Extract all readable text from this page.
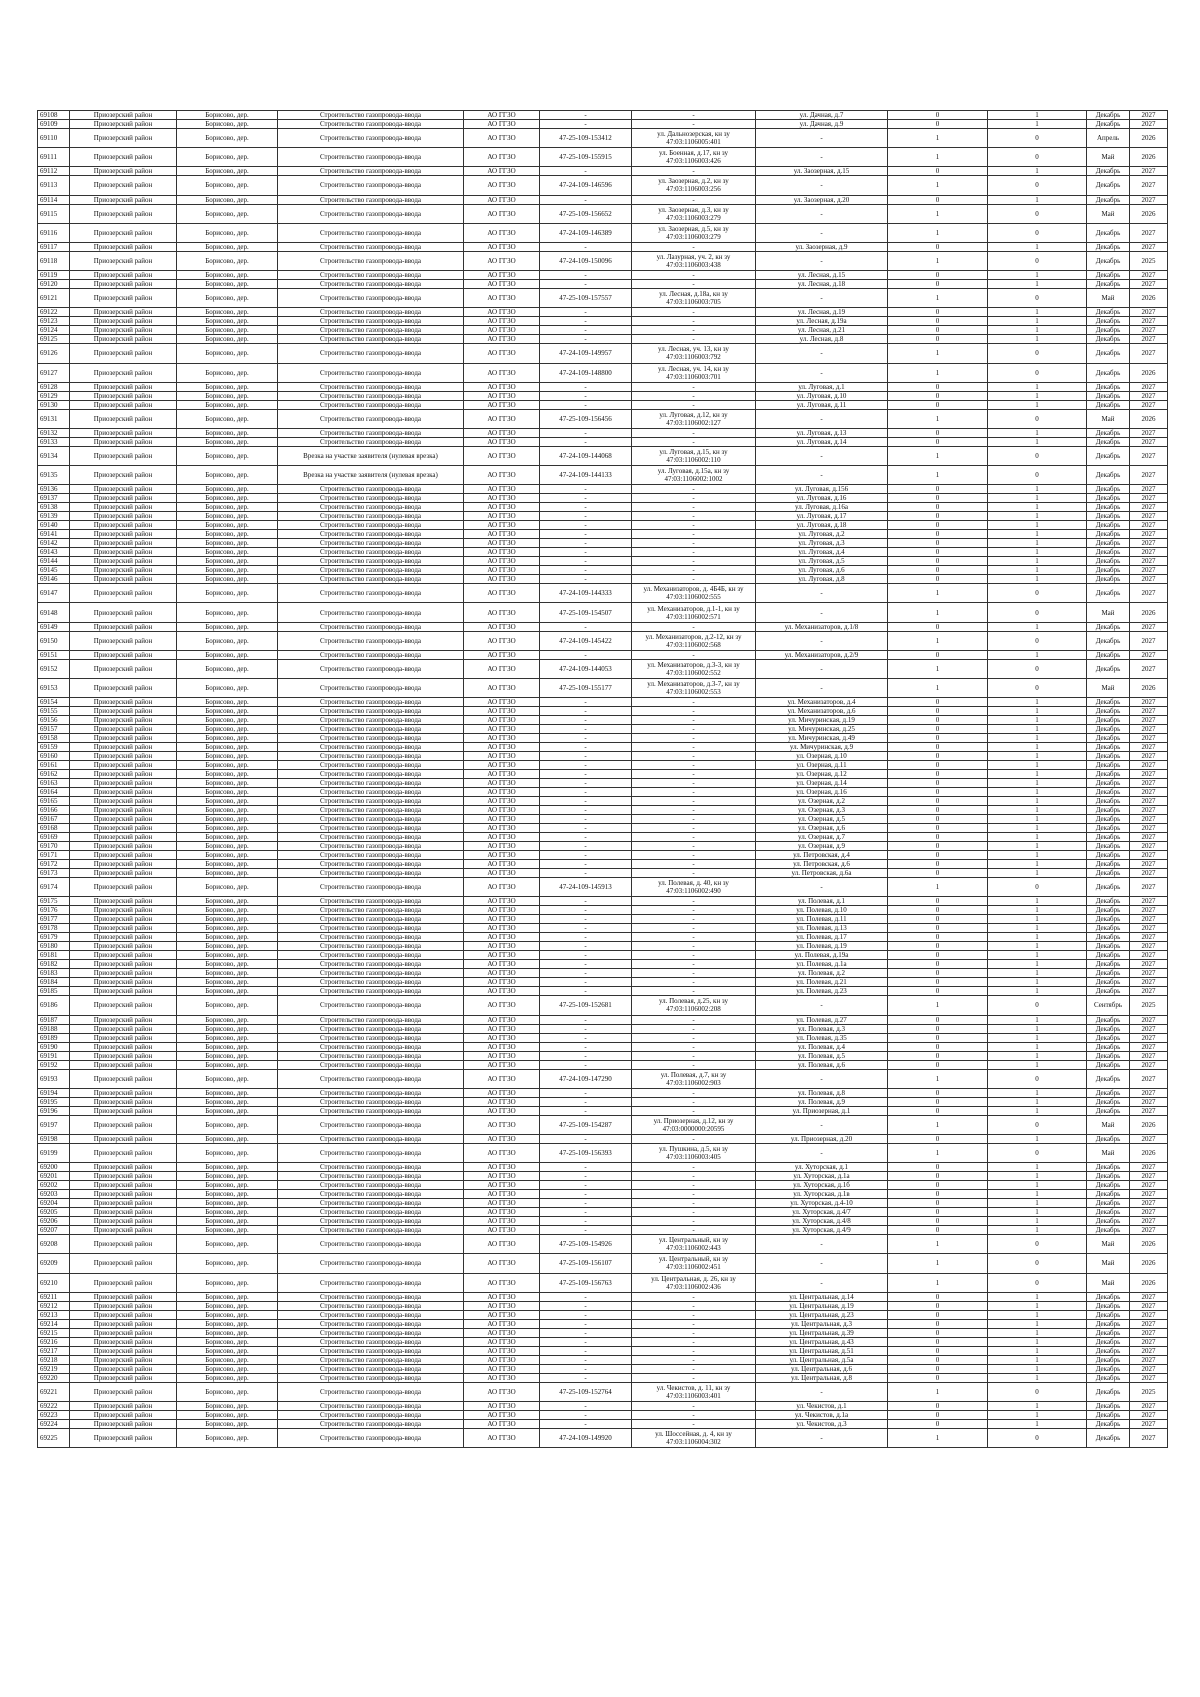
69108	Приозерский район	Борисово, дер.	Строительство газопровода-ввода	АО ГГЗО	-	-	ул. Дачная, д.7	0	1	Декабрь	2027
69109	Приозерский район	Борисово, дер.	Строительство газопровода-ввода	АО ГГЗО	-	-	ул. Дачная, д.9	0	1	Декабрь	2027
69110	Приозерский район	Борисово, дер.	Строительство газопровода-ввода	АО ГГЗО	47-25-109-153412	ул. Дальнозерская, кн зу 47:03:1106005:401	-	1	0	Апрель	2026
69111	Приозерский район	Борисово, дер.	Строительство газопровода-ввода	АО ГГЗО	47-25-109-155915	ул. Боенная, д.17, кн зу 47:03:1106003:426	-	1	0	Май	2026
69112	Приозерский район	Борисово, дер.	Строительство газопровода-ввода	АО ГГЗО	-	-	ул. Заозерная, д.15	0	1	Декабрь	2027
69113	Приозерский район	Борисово, дер.	Строительство газопровода-ввода	АО ГГЗО	47-24-109-146596	ул. Заозерная, д.2, кн зу 47:03:1106003:256	-	1	0	Декабрь	2027
69114	Приозерский район	Борисово, дер.	Строительство газопровода-ввода	АО ГГЗО	-	-	ул. Заозерная, д.20	0	1	Декабрь	2027
69115	Приозерский район	Борисово, дер.	Строительство газопровода-ввода	АО ГГЗО	47-25-109-156652	ул. Заозерная, д.3, кн зу 47:03:1106003:279	-	1	0	Май	2026
69116	Приозерский район	Борисово, дер.	Строительство газопровода-ввода	АО ГГЗО	47-24-109-146389	ул. Заозерная, д.5, кн зу 47:03:1106003:279	-	1	0	Декабрь	2027
69117	Приозерский район	Борисово, дер.	Строительство газопровода-ввода	АО ГГЗО	-	-	ул. Заозерная, д.9	0	1	Декабрь	2027
69118	Приозерский район	Борисово, дер.	Строительство газопровода-ввода	АО ГГЗО	47-24-109-150096	ул. Лазурная, уч. 2, кн зу 47:03:1106003:438	-	1	0	Декабрь	2025
69119	Приозерский район	Борисово, дер.	Строительство газопровода-ввода	АО ГГЗО	-	-	ул. Лесная, д.15	0	1	Декабрь	2027
69120	Приозерский район	Борисово, дер.	Строительство газопровода-ввода	АО ГГЗО	-	-	ул. Лесная, д.18	0	1	Декабрь	2027
69121	Приозерский район	Борисово, дер.	Строительство газопровода-ввода	АО ГГЗО	47-25-109-157557	ул. Лесная, д.18а, кн зу 47:03:1106003:705	-	1	0	Май	2026
69122	Приозерский район	Борисово, дер.	Строительство газопровода-ввода	АО ГГЗО	-	-	ул. Лесная, д.19	0	1	Декабрь	2027
69123	Приозерский район	Борисово, дер.	Строительство газопровода-ввода	АО ГГЗО	-	-	ул. Лесная, д.19а	0	1	Декабрь	2027
69124	Приозерский район	Борисово, дер.	Строительство газопровода-ввода	АО ГГЗО	-	-	ул. Лесная, д.21	0	1	Декабрь	2027
69125	Приозерский район	Борисово, дер.	Строительство газопровода-ввода	АО ГГЗО	-	-	ул. Лесная, д.8	0	1	Декабрь	2027
69126	Приозерский район	Борисово, дер.	Строительство газопровода-ввода	АО ГГЗО	47-24-109-149957	ул. Лесная, уч. 13, кн зу 47:03:1106003:792	-	1	0	Декабрь	2027
69127	Приозерский район	Борисово, дер.	Строительство газопровода-ввода	АО ГГЗО	47-24-109-148800	ул. Лесная, уч. 14, кн зу 47:03:1106003:701	-	1	0	Декабрь	2026
69128	Приозерский район	Борисово, дер.	Строительство газопровода-ввода	АО ГГЗО	-	-	ул. Луговая, д.1	0	1	Декабрь	2027
69129	Приозерский район	Борисово, дер.	Строительство газопровода-ввода	АО ГГЗО	-	-	ул. Луговая, д.10	0	1	Декабрь	2027
69130	Приозерский район	Борисово, дер.	Строительство газопровода-ввода	АО ГГЗО	-	-	ул. Луговая, д.11	0	1	Декабрь	2027
69131	Приозерский район	Борисово, дер.	Строительство газопровода-ввода	АО ГГЗО	47-25-109-156456	ул. Луговая, д.12, кн зу 47:03:1106002:127	-	1	0	Май	2026
69132	Приозерский район	Борисово, дер.	Строительство газопровода-ввода	АО ГГЗО	-	-	ул. Луговая, д.13	0	1	Декабрь	2027
69133	Приозерский район	Борисово, дер.	Строительство газопровода-ввода	АО ГГЗО	-	-	ул. Луговая, д.14	0	1	Декабрь	2027
69134	Приозерский район	Борисово, дер.	Врезка на участке заявителя (нулевая врезка)	АО ГГЗО	47-24-109-144068	ул. Луговая, д.15, кн зу 47:03:1106002:110	-	1	0	Декабрь	2027
69135	Приозерский район	Борисово, дер.	Врезка на участке заявителя (нулевая врезка)	АО ГГЗО	47-24-109-144133	ул. Луговая, д.15а, кн зу 47:03:1106002:1002	-	1	0	Декабрь	2027
69136	Приозерский район	Борисово, дер.	Строительство газопровода-ввода	АО ГГЗО	-	-	ул. Луговая, д.156	0	1	Декабрь	2027
69137	Приозерский район	Борисово, дер.	Строительство газопровода-ввода	АО ГГЗО	-	-	ул. Луговая, д.16	0	1	Декабрь	2027
69138	Приозерский район	Борисово, дер.	Строительство газопровода-ввода	АО ГГЗО	-	-	ул. Луговая, д.16а	0	1	Декабрь	2027
69139	Приозерский район	Борисово, дер.	Строительство газопровода-ввода	АО ГГЗО	-	-	ул. Луговая, д.17	0	1	Декабрь	2027
69140	Приозерский район	Борисово, дер.	Строительство газопровода-ввода	АО ГГЗО	-	-	ул. Луговая, д.18	0	1	Декабрь	2027
69141	Приозерский район	Борисово, дер.	Строительство газопровода-ввода	АО ГГЗО	-	-	ул. Луговая, д.2	0	1	Декабрь	2027
69142	Приозерский район	Борисово, дер.	Строительство газопровода-ввода	АО ГГЗО	-	-	ул. Луговая, д.3	0	1	Декабрь	2027
69143	Приозерский район	Борисово, дер.	Строительство газопровода-ввода	АО ГГЗО	-	-	ул. Луговая, д.4	0	1	Декабрь	2027
69144	Приозерский район	Борисово, дер.	Строительство газопровода-ввода	АО ГГЗО	-	-	ул. Луговая, д.5	0	1	Декабрь	2027
69145	Приозерский район	Борисово, дер.	Строительство газопровода-ввода	АО ГГЗО	-	-	ул. Луговая, д.6	0	1	Декабрь	2027
69146	Приозерский район	Борисово, дер.	Строительство газопровода-ввода	АО ГГЗО	-	-	ул. Луговая, д.8	0	1	Декабрь	2027
69147	Приозерский район	Борисово, дер.	Строительство газопровода-ввода	АО ГГЗО	47-24-109-144333	ул. Механизаторов, д. 4Б4Б, кн зу 47:03:1106002:555	-	1	0	Декабрь	2027
69148	Приозерский район	Борисово, дер.	Строительство газопровода-ввода	АО ГГЗО	47-25-109-154507	ул. Механизаторов, д.1-1, кн зу 47:03:1106002:571	-	1	0	Май	2026
69149	Приозерский район	Борисово, дер.	Строительство газопровода-ввода	АО ГГЗО	-	-	ул. Механизаторов, д.1/8	0	1	Декабрь	2027
69150	Приозерский район	Борисово, дер.	Строительство газопровода-ввода	АО ГГЗО	47-24-109-145422	ул. Механизаторов, д.2-12, кн зу 47:03:1106002:568	-	1	0	Декабрь	2027
69151	Приозерский район	Борисово, дер.	Строительство газопровода-ввода	АО ГГЗО	-	-	ул. Механизаторов, д.2/9	0	1	Декабрь	2027
69152	Приозерский район	Борисово, дер.	Строительство газопровода-ввода	АО ГГЗО	47-24-109-144053	ул. Механизаторов, д.3-3, кн зу 47:03:1106002:552	-	1	0	Декабрь	2027
69153	Приозерский район	Борисово, дер.	Строительство газопровода-ввода	АО ГГЗО	47-25-109-155177	ул. Механизаторов, д.3-7, кн зу 47:03:1106002:553	-	1	0	Май	2026
69154	Приозерский район	Борисово, дер.	Строительство газопровода-ввода	АО ГГЗО	-	-	ул. Механизаторов, д.4	0	1	Декабрь	2027
69155	Приозерский район	Борисово, дер.	Строительство газопровода-ввода	АО ГГЗО	-	-	ул. Механизаторов, д.6	0	1	Декабрь	2027
69156	Приозерский район	Борисово, дер.	Строительство газопровода-ввода	АО ГГЗО	-	-	ул. Мичуринская, д.19	0	1	Декабрь	2027
69157	Приозерский район	Борисово, дер.	Строительство газопровода-ввода	АО ГГЗО	-	-	ул. Мичуринская, д.25	0	1	Декабрь	2027
69158	Приозерский район	Борисово, дер.	Строительство газопровода-ввода	АО ГГЗО	-	-	ул. Мичуринская, д.49	0	1	Декабрь	2027
69159	Приозерский район	Борисово, дер.	Строительство газопровода-ввода	АО ГГЗО	-	-	ул. Мичуринская, д.9	0	1	Декабрь	2027
69160	Приозерский район	Борисово, дер.	Строительство газопровода-ввода	АО ГГЗО	-	-	ул. Озерная, д.10	0	1	Декабрь	2027
69161	Приозерский район	Борисово, дер.	Строительство газопровода-ввода	АО ГГЗО	-	-	ул. Озерная, д.11	0	1	Декабрь	2027
69162	Приозерский район	Борисово, дер.	Строительство газопровода-ввода	АО ГГЗО	-	-	ул. Озерная, д.12	0	1	Декабрь	2027
69163	Приозерский район	Борисово, дер.	Строительство газопровода-ввода	АО ГГЗО	-	-	ул. Озерная, д.14	0	1	Декабрь	2027
69164	Приозерский район	Борисово, дер.	Строительство газопровода-ввода	АО ГГЗО	-	-	ул. Озерная, д.16	0	1	Декабрь	2027
69165	Приозерский район	Борисово, дер.	Строительство газопровода-ввода	АО ГГЗО	-	-	ул. Озерная, д.2	0	1	Декабрь	2027
69166	Приозерский район	Борисово, дер.	Строительство газопровода-ввода	АО ГГЗО	-	-	ул. Озерная, д.3	0	1	Декабрь	2027
69167	Приозерский район	Борисово, дер.	Строительство газопровода-ввода	АО ГГЗО	-	-	ул. Озерная, д.5	0	1	Декабрь	2027
69168	Приозерский район	Борисово, дер.	Строительство газопровода-ввода	АО ГГЗО	-	-	ул. Озерная, д.6	0	1	Декабрь	2027
69169	Приозерский район	Борисово, дер.	Строительство газопровода-ввода	АО ГГЗО	-	-	ул. Озерная, д.7	0	1	Декабрь	2027
69170	Приозерский район	Борисово, дер.	Строительство газопровода-ввода	АО ГГЗО	-	-	ул. Озерная, д.9	0	1	Декабрь	2027
69171	Приозерский район	Борисово, дер.	Строительство газопровода-ввода	АО ГГЗО	-	-	ул. Петровская, д.4	0	1	Декабрь	2027
69172	Приозерский район	Борисово, дер.	Строительство газопровода-ввода	АО ГГЗО	-	-	ул. Петровская, д.6	0	1	Декабрь	2027
69173	Приозерский район	Борисово, дер.	Строительство газопровода-ввода	АО ГГЗО	-	-	ул. Петровская, д.6а	0	1	Декабрь	2027
69174	Приозерский район	Борисово, дер.	Строительство газопровода-ввода	АО ГГЗО	47-24-109-145913	ул. Полевая, д. 40, кн зу 47:03:1106002:490	-	1	0	Декабрь	2027
69175	Приозерский район	Борисово, дер.	Строительство газопровода-ввода	АО ГГЗО	-	-	ул. Полевая, д.1	0	1	Декабрь	2027
69176	Приозерский район	Борисово, дер.	Строительство газопровода-ввода	АО ГГЗО	-	-	ул. Полевая, д.10	0	1	Декабрь	2027
69177	Приозерский район	Борисово, дер.	Строительство газопровода-ввода	АО ГГЗО	-	-	ул. Полевая, д.11	0	1	Декабрь	2027
69178	Приозерский район	Борисово, дер.	Строительство газопровода-ввода	АО ГГЗО	-	-	ул. Полевая, д.13	0	1	Декабрь	2027
69179	Приозерский район	Борисово, дер.	Строительство газопровода-ввода	АО ГГЗО	-	-	ул. Полевая, д.17	0	1	Декабрь	2027
69180	Приозерский район	Борисово, дер.	Строительство газопровода-ввода	АО ГГЗО	-	-	ул. Полевая, д.19	0	1	Декабрь	2027
69181	Приозерский район	Борисово, дер.	Строительство газопровода-ввода	АО ГГЗО	-	-	ул. Полевая, д.19а	0	1	Декабрь	2027
69182	Приозерский район	Борисово, дер.	Строительство газопровода-ввода	АО ГГЗО	-	-	ул. Полевая, д.1а	0	1	Декабрь	2027
69183	Приозерский район	Борисово, дер.	Строительство газопровода-ввода	АО ГГЗО	-	-	ул. Полевая, д.2	0	1	Декабрь	2027
69184	Приозерский район	Борисово, дер.	Строительство газопровода-ввода	АО ГГЗО	-	-	ул. Полевая, д.21	0	1	Декабрь	2027
69185	Приозерский район	Борисово, дер.	Строительство газопровода-ввода	АО ГГЗО	-	-	ул. Полевая, д.23	0	1	Декабрь	2027
69186	Приозерский район	Борисово, дер.	Строительство газопровода-ввода	АО ГГЗО	47-25-109-152681	ул. Полевая, д.25, кн зу 47:03:1106002:208	-	1	0	Сентябрь	2025
69187	Приозерский район	Борисово, дер.	Строительство газопровода-ввода	АО ГГЗО	-	-	ул. Полевая, д.27	0	1	Декабрь	2027
69188	Приозерский район	Борисово, дер.	Строительство газопровода-ввода	АО ГГЗО	-	-	ул. Полевая, д.3	0	1	Декабрь	2027
69189	Приозерский район	Борисово, дер.	Строительство газопровода-ввода	АО ГГЗО	-	-	ул. Полевая, д.35	0	1	Декабрь	2027
69190	Приозерский район	Борисово, дер.	Строительство газопровода-ввода	АО ГГЗО	-	-	ул. Полевая, д.4	0	1	Декабрь	2027
69191	Приозерский район	Борисово, дер.	Строительство газопровода-ввода	АО ГГЗО	-	-	ул. Полевая, д.5	0	1	Декабрь	2027
69192	Приозерский район	Борисово, дер.	Строительство газопровода-ввода	АО ГГЗО	-	-	ул. Полевая, д.6	0	1	Декабрь	2027
69193	Приозерский район	Борисово, дер.	Строительство газопровода-ввода	АО ГГЗО	47-24-109-147290	ул. Полевая, д.7, кн зу 47:03:1106002:903	-	1	0	Декабрь	2027
69194	Приозерский район	Борисово, дер.	Строительство газопровода-ввода	АО ГГЗО	-	-	ул. Полевая, д.8	0	1	Декабрь	2027
69195	Приозерский район	Борисово, дер.	Строительство газопровода-ввода	АО ГГЗО	-	-	ул. Полевая, д.9	0	1	Декабрь	2027
69196	Приозерский район	Борисово, дер.	Строительство газопровода-ввода	АО ГГЗО	-	-	ул. Приозерная, д.1	0	1	Декабрь	2027
69197	Приозерский район	Борисово, дер.	Строительство газопровода-ввода	АО ГГЗО	47-25-109-154287	ул. Приозерная, д.12, кн зу 47:03:0000000:20595	-	1	0	Май	2026
69198	Приозерский район	Борисово, дер.	Строительство газопровода-ввода	АО ГГЗО	-	-	ул. Приозерная, д.20	0	1	Декабрь	2027
69199	Приозерский район	Борисово, дер.	Строительство газопровода-ввода	АО ГГЗО	47-25-109-156393	ул. Пушкина, д.5, кн зу 47:03:1106003:405	-	1	0	Май	2026
69200	Приозерский район	Борисово, дер.	Строительство газопровода-ввода	АО ГГЗО	-	-	ул. Хуторская, д.1	0	1	Декабрь	2027
69201	Приозерский район	Борисово, дер.	Строительство газопровода-ввода	АО ГГЗО	-	-	ул. Хуторская, д.1а	0	1	Декабрь	2027
69202	Приозерский район	Борисово, дер.	Строительство газопровода-ввода	АО ГГЗО	-	-	ул. Хуторская, д.1б	0	1	Декабрь	2027
69203	Приозерский район	Борисово, дер.	Строительство газопровода-ввода	АО ГГЗО	-	-	ул. Хуторская, д.1в	0	1	Декабрь	2027
69204	Приозерский район	Борисово, дер.	Строительство газопровода-ввода	АО ГГЗО	-	-	ул. Хуторская, д.4-10	0	1	Декабрь	2027
69205	Приозерский район	Борисово, дер.	Строительство газопровода-ввода	АО ГГЗО	-	-	ул. Хуторская, д.4/7	0	1	Декабрь	2027
69206	Приозерский район	Борисово, дер.	Строительство газопровода-ввода	АО ГГЗО	-	-	ул. Хуторская, д.4/8	0	1	Декабрь	2027
69207	Приозерский район	Борисово, дер.	Строительство газопровода-ввода	АО ГГЗО	-	-	ул. Хуторская, д.4/9	0	1	Декабрь	2027
69208	Приозерский район	Борисово, дер.	Строительство газопровода-ввода	АО ГГЗО	47-25-109-154926	ул. Центральный, кн зу 47:03:1106002:443	-	1	0	Май	2026
69209	Приозерский район	Борисово, дер.	Строительство газопровода-ввода	АО ГГЗО	47-25-109-156107	ул. Центральный, кн зу 47:03:1106002:451	-	1	0	Май	2026
69210	Приозерский район	Борисово, дер.	Строительство газопровода-ввода	АО ГГЗО	47-25-109-156763	ул. Центральная, д. 26, кн зу 47:03:1106002:436	-	1	0	Май	2026
69211	Приозерский район	Борисово, дер.	Строительство газопровода-ввода	АО ГГЗО	-	-	ул. Центральная, д.14	0	1	Декабрь	2027
69212	Приозерский район	Борисово, дер.	Строительство газопровода-ввода	АО ГГЗО	-	-	ул. Центральная, д.19	0	1	Декабрь	2027
69213	Приозерский район	Борисово, дер.	Строительство газопровода-ввода	АО ГГЗО	-	-	ул. Центральная, д.23	0	1	Декабрь	2027
69214	Приозерский район	Борисово, дер.	Строительство газопровода-ввода	АО ГГЗО	-	-	ул. Центральная, д.3	0	1	Декабрь	2027
69215	Приозерский район	Борисово, дер.	Строительство газопровода-ввода	АО ГГЗО	-	-	ул. Центральная, д.39	0	1	Декабрь	2027
69216	Приозерский район	Борисово, дер.	Строительство газопровода-ввода	АО ГГЗО	-	-	ул. Центральная, д.43	0	1	Декабрь	2027
69217	Приозерский район	Борисово, дер.	Строительство газопровода-ввода	АО ГГЗО	-	-	ул. Центральная, д.51	0	1	Декабрь	2027
69218	Приозерский район	Борисово, дер.	Строительство газопровода-ввода	АО ГГЗО	-	-	ул. Центральная, д.5а	0	1	Декабрь	2027
69219	Приозерский район	Борисово, дер.	Строительство газопровода-ввода	АО ГГЗО	-	-	ул. Центральная, д.6	0	1	Декабрь	2027
69220	Приозерский район	Борисово, дер.	Строительство газопровода-ввода	АО ГГЗО	-	-	ул. Центральная, д.8	0	1	Декабрь	2027
69221	Приозерский район	Борисово, дер.	Строительство газопровода-ввода	АО ГГЗО	47-25-109-152764	ул. Чекистов, д. 11, кн зу 47:03:1106003:401	-	1	0	Декабрь	2025
69222	Приозерский район	Борисово, дер.	Строительство газопровода-ввода	АО ГГЗО	-	-	ул. Чекистов, д.1	0	1	Декабрь	2027
69223	Приозерский район	Борисово, дер.	Строительство газопровода-ввода	АО ГГЗО	-	-	ул. Чекистов, д.1а	0	1	Декабрь	2027
69224	Приозерский район	Борисово, дер.	Строительство газопровода-ввода	АО ГГЗО	-	-	ул. Чекистов, д.3	0	1	Декабрь	2027
69225	Приозерский район	Борисово, дер.	Строительство газопровода-ввода	АО ГГЗО	47-24-109-149920	ул. Шоссейная, д. 4, кн зу 47:03:1106004:302	-	1	0	Декабрь	2027
